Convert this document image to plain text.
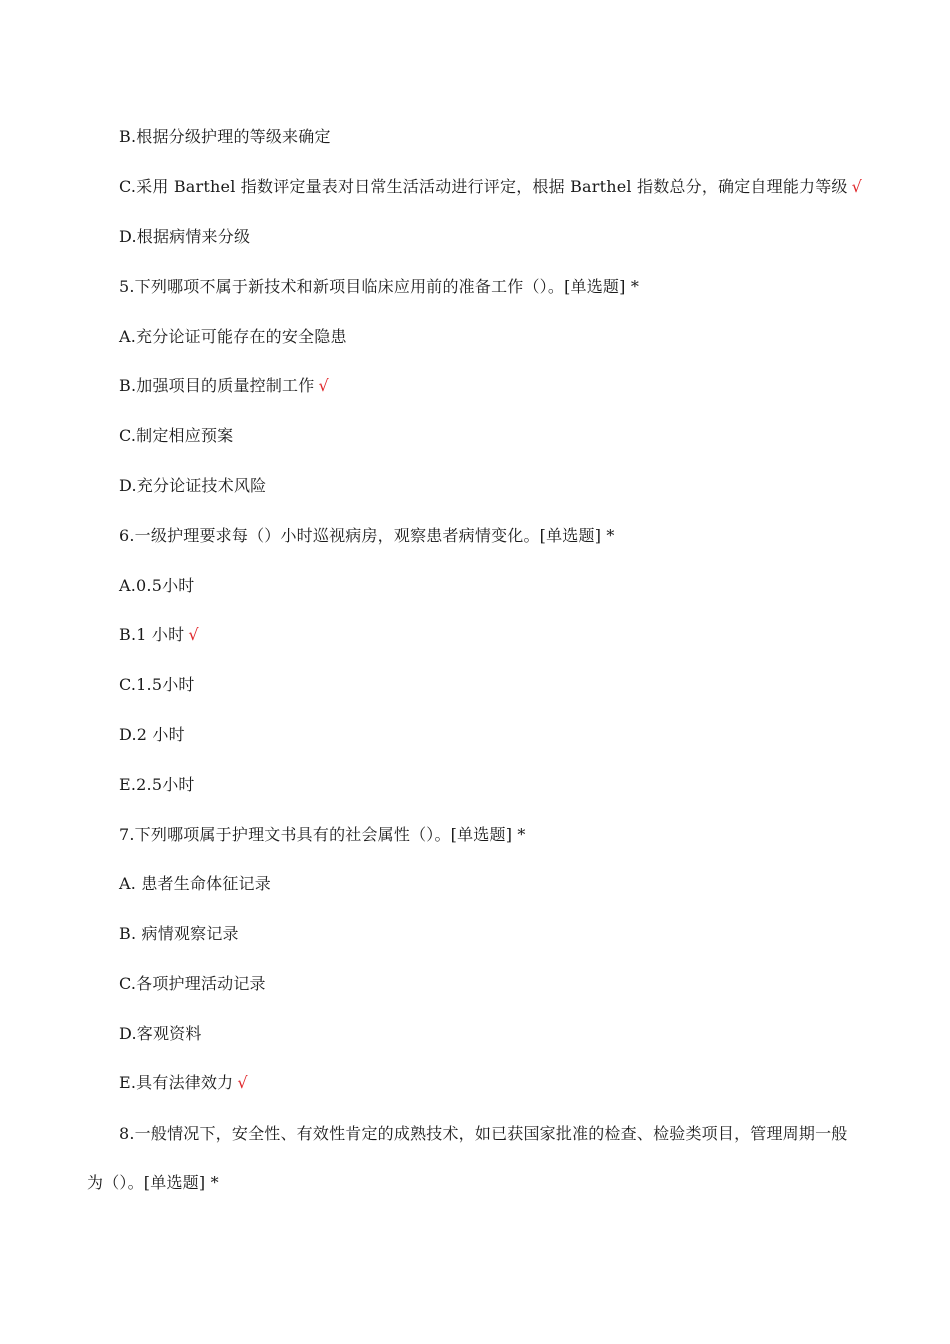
B.根据分级护理的等级来确定
C.采用 Barthel 指数评定量表对日常生活活动进行评定，根据 Barthel 指数总分，确定自理能力等级 √
D.根据病情来分级
5.下列哪项不属于新技术和新项目临床应用前的准备工作（）。[单选题] *
A.充分论证可能存在的安全隐患
B.加强项目的质量控制工作 √
C.制定相应预案
D.充分论证技术风险
6.一级护理要求每（）小时巡视病房，观察患者病情变化。[单选题] *
A.0.5小时
B.1 小时 √
C.1.5小时
D.2 小时
E.2.5小时
7.下列哪项属于护理文书具有的社会属性（）。[单选题] *
A. 患者生命体征记录
B. 病情观察记录
C.各项护理活动记录
D.客观资料
E.具有法律效力 √
8.一般情况下，安全性、有效性肯定的成熟技术，如已获国家批准的检查、检验类项目，管理周期一般
为（）。[单选题] *
